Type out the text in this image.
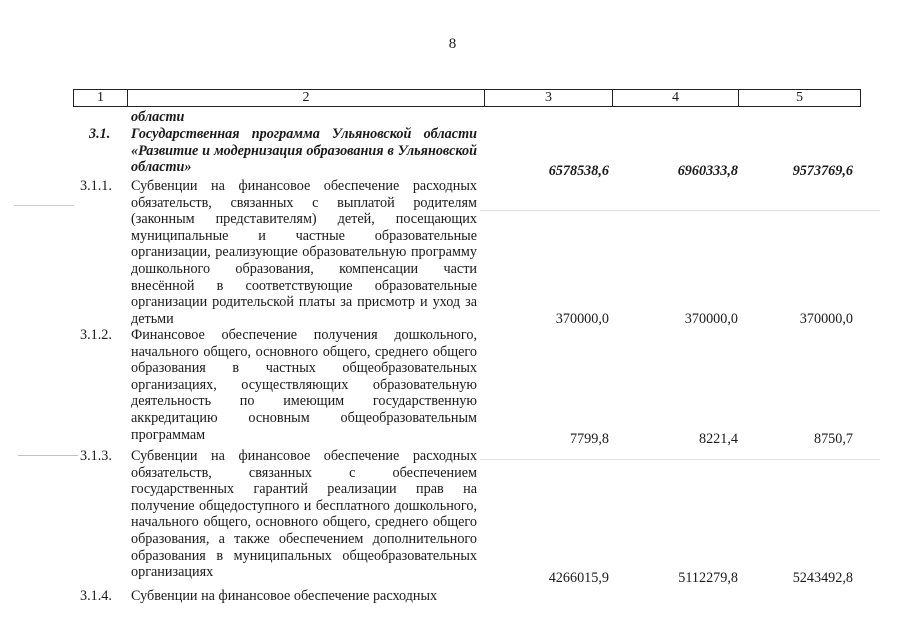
8
1	2	3	4	5
области
3.1. Государственная программа Ульяновской области «Развитие и модернизация образования в Ульяновской области»	6578538,6	6960333,8	9573769,6
3.1.1. Субвенции на финансовое обеспечение расходных обязательств, связанных с выплатой родителям (законным представителям) детей, посещающих муниципальные и частные образовательные организации, реализующие образовательную программу дошкольного образования, компенсации части внесённой в соответствующие образовательные организации родительской платы за присмотр и уход за детьми	370000,0	370000,0	370000,0
3.1.2. Финансовое обеспечение получения дошкольного, начального общего, основного общего, среднего общего образования в частных общеобразовательных организациях, осуществляющих образовательную деятельность по имеющим государственную аккредитацию основным общеобразовательным программам	7799,8	8221,4	8750,7
3.1.3. Субвенции на финансовое обеспечение расходных обязательств, связанных с обеспечением государственных гарантий реализации прав на получение общедоступного и бесплатного дошкольного, начального общего, основного общего, среднего общего образования, а также обеспечением дополнительного образования в муниципальных общеобразовательных организациях	4266015,9	5112279,8	5243492,8
3.1.4. Субвенции на финансовое обеспечение расходных
